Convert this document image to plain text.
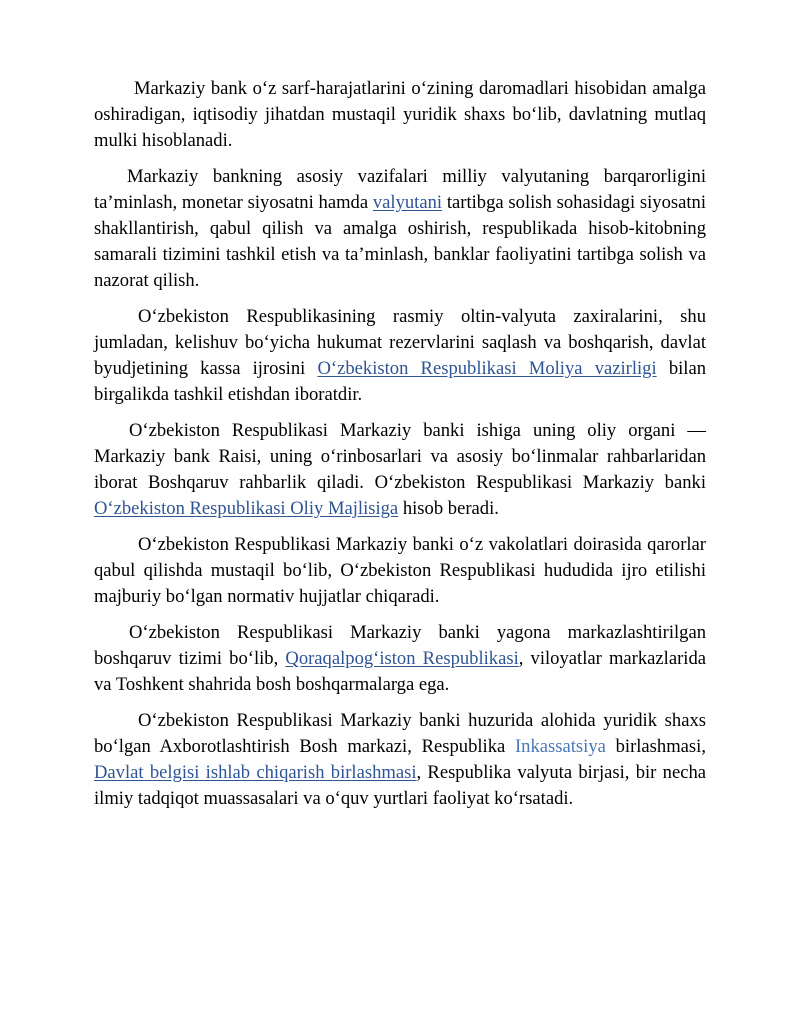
Markaziy bank o‘z sarf-harajatlarini o‘zining daromadlari hisobidan amalga oshiradigan, iqtisodiy jihatdan mustaqil yuridik shaxs bo‘lib, davlatning mutlaq mulki hisoblanadi.

Markaziy bankning asosiy vazifalari milliy valyutaning barqarorligini ta’minlash, monetar siyosatni hamda valyutani tartibga solish sohasidagi siyosatni shakllantirish, qabul qilish va amalga oshirish, respublikada hisob-kitobning samarali tizimini tashkil etish va ta’minlash, banklar faoliyatini tartibga solish va nazorat qilish.

O‘zbekiston Respublikasining rasmiy oltin-valyuta zaxiralarini, shu jumladan, kelishuv bo‘yicha hukumat rezervlarini saqlash va boshqarish, davlat byudjetining kassa ijrosini O‘zbekiston Respublikasi Moliya vazirligi bilan birgalikda tashkil etishdan iboratdir.

O‘zbekiston Respublikasi Markaziy banki ishiga uning oliy organi — Markaziy bank Raisi, uning o‘rinbosarlari va asosiy bo‘linmalar rahbarlaridan iborat Boshqaruv rahbarlik qiladi. O‘zbekiston Respublikasi Markaziy banki O‘zbekiston Respublikasi Oliy Majlisiga hisob beradi.

O‘zbekiston Respublikasi Markaziy banki o‘z vakolatlari doirasida qarorlar qabul qilishda mustaqil bo‘lib, O‘zbekiston Respublikasi hududida ijro etilishi majburiy bo‘lgan normativ hujjatlar chiqaradi.

O‘zbekiston Respublikasi Markaziy banki yagona markazlashtirilgan boshqaruv tizimi bo‘lib, Qoraqalpog‘iston Respublikasi, viloyatlar markazlarida va Toshkent shahrida bosh boshqarmalarga ega.

O‘zbekiston Respublikasi Markaziy banki huzurida alohida yuridik shaxs bo‘lgan Axborotlashtirish Bosh markazi, Respublika Inkassatsiya birlashmasi, Davlat belgisi ishlab chiqarish birlashmasi, Respublika valyuta birjasi, bir necha ilmiy tadqiqot muassasalari va o‘quv yurtlari faoliyat ko‘rsatadi.
